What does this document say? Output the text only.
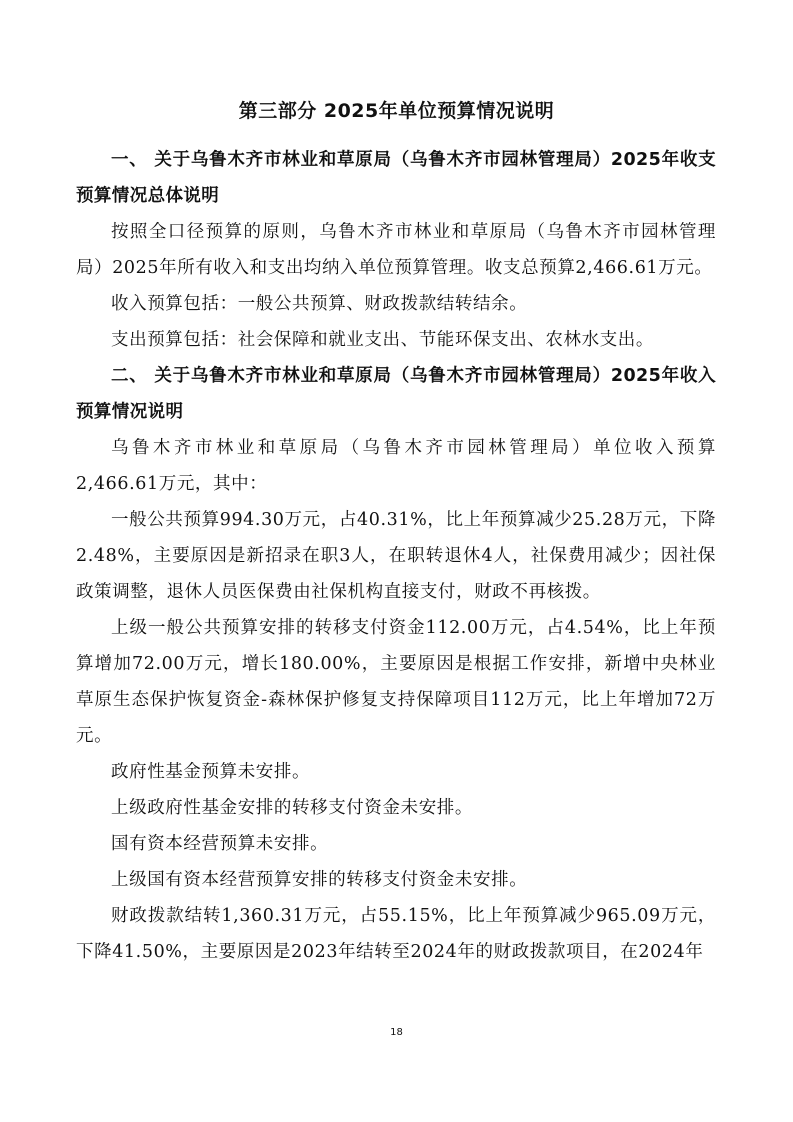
第三部分 2025年单位预算情况说明

一、 关于乌鲁木齐市林业和草原局（乌鲁木齐市园林管理局）2025年收支预算情况总体说明

按照全口径预算的原则，乌鲁木齐市林业和草原局（乌鲁木齐市园林管理局）2025年所有收入和支出均纳入单位预算管理。收支总预算2,466.61万元。

收入预算包括：一般公共预算、财政拨款结转结余。

支出预算包括：社会保障和就业支出、节能环保支出、农林水支出。

二、 关于乌鲁木齐市林业和草原局（乌鲁木齐市园林管理局）2025年收入预算情况说明

乌鲁木齐市林业和草原局（乌鲁木齐市园林管理局）单位收入预算2,466.61万元，其中：

一般公共预算994.30万元，占40.31%，比上年预算减少25.28万元，下降2.48%，主要原因是新招录在职3人，在职转退休4人，社保费用减少；因社保政策调整，退休人员医保费由社保机构直接支付，财政不再核拨。

上级一般公共预算安排的转移支付资金112.00万元，占4.54%，比上年预算增加72.00万元，增长180.00%，主要原因是根据工作安排，新增中央林业草原生态保护恢复资金-森林保护修复支持保障项目112万元，比上年增加72万元。

政府性基金预算未安排。

上级政府性基金安排的转移支付资金未安排。

国有资本经营预算未安排。

上级国有资本经营预算安排的转移支付资金未安排。

财政拨款结转1,360.31万元，占55.15%，比上年预算减少965.09万元，下降41.50%，主要原因是2023年结转至2024年的财政拨款项目，在2024年

18
